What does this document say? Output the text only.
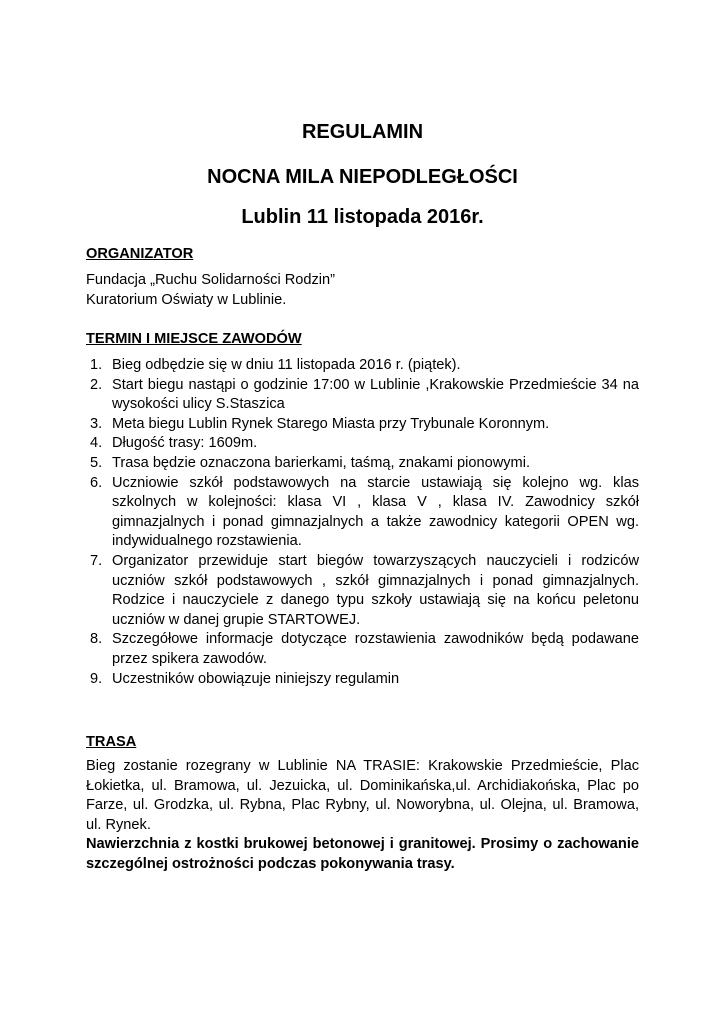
REGULAMIN
NOCNA MILA NIEPODLEGŁOŚCI
Lublin 11 listopada 2016r.
ORGANIZATOR

Fundacja „Ruchu Solidarności Rodzin”

Kuratorium Oświaty w Lublinie.

TERMIN I MIEJSCE ZAWODÓW
1. Bieg odbędzie się w dniu 11 listopada 2016 r. (piątek).
2. Start biegu nastąpi o godzinie 17:00 w Lublinie ,Krakowskie Przedmieście 34 na wysokości ulicy S.Staszica
3. Meta biegu Lublin Rynek Starego Miasta przy Trybunale Koronnym.
4. Długość trasy: 1609m.
5. Trasa będzie oznaczona barierkami, taśmą, znakami pionowymi.
6. Uczniowie szkół podstawowych na starcie ustawiają się kolejno wg. klas szkolnych w kolejności: klasa VI , klasa V , klasa IV. Zawodnicy szkół gimnazjalnych i ponad gimnazjalnych a także zawodnicy kategorii OPEN wg. indywidualnego rozstawienia.
7. Organizator przewiduje start biegów towarzyszących nauczycieli i rodziców uczniów szkół podstawowych , szkół gimnazjalnych i ponad gimnazjalnych. Rodzice i nauczyciele z danego typu szkoły ustawiają się na końcu peletonu uczniów w danej grupie STARTOWEJ.
8. Szczegółowe informacje dotyczące rozstawienia zawodników będą podawane przez spikera zawodów.
9. Uczestników obowiązuje niniejszy regulamin
TRASA

Bieg zostanie rozegrany w Lublinie NA TRASIE: Krakowskie Przedmieście, Plac Łokietka, ul. Bramowa, ul. Jezuicka, ul. Dominikańska,ul. Archidiakońska, Plac po Farze, ul. Grodzka, ul. Rybna, Plac Rybny, ul. Noworybna, ul. Olejna, ul. Bramowa, ul. Rynek.

Nawierzchnia z kostki brukowej betonowej i granitowej. Prosimy o zachowanie szczególnej ostrożności podczas pokonywania trasy.
